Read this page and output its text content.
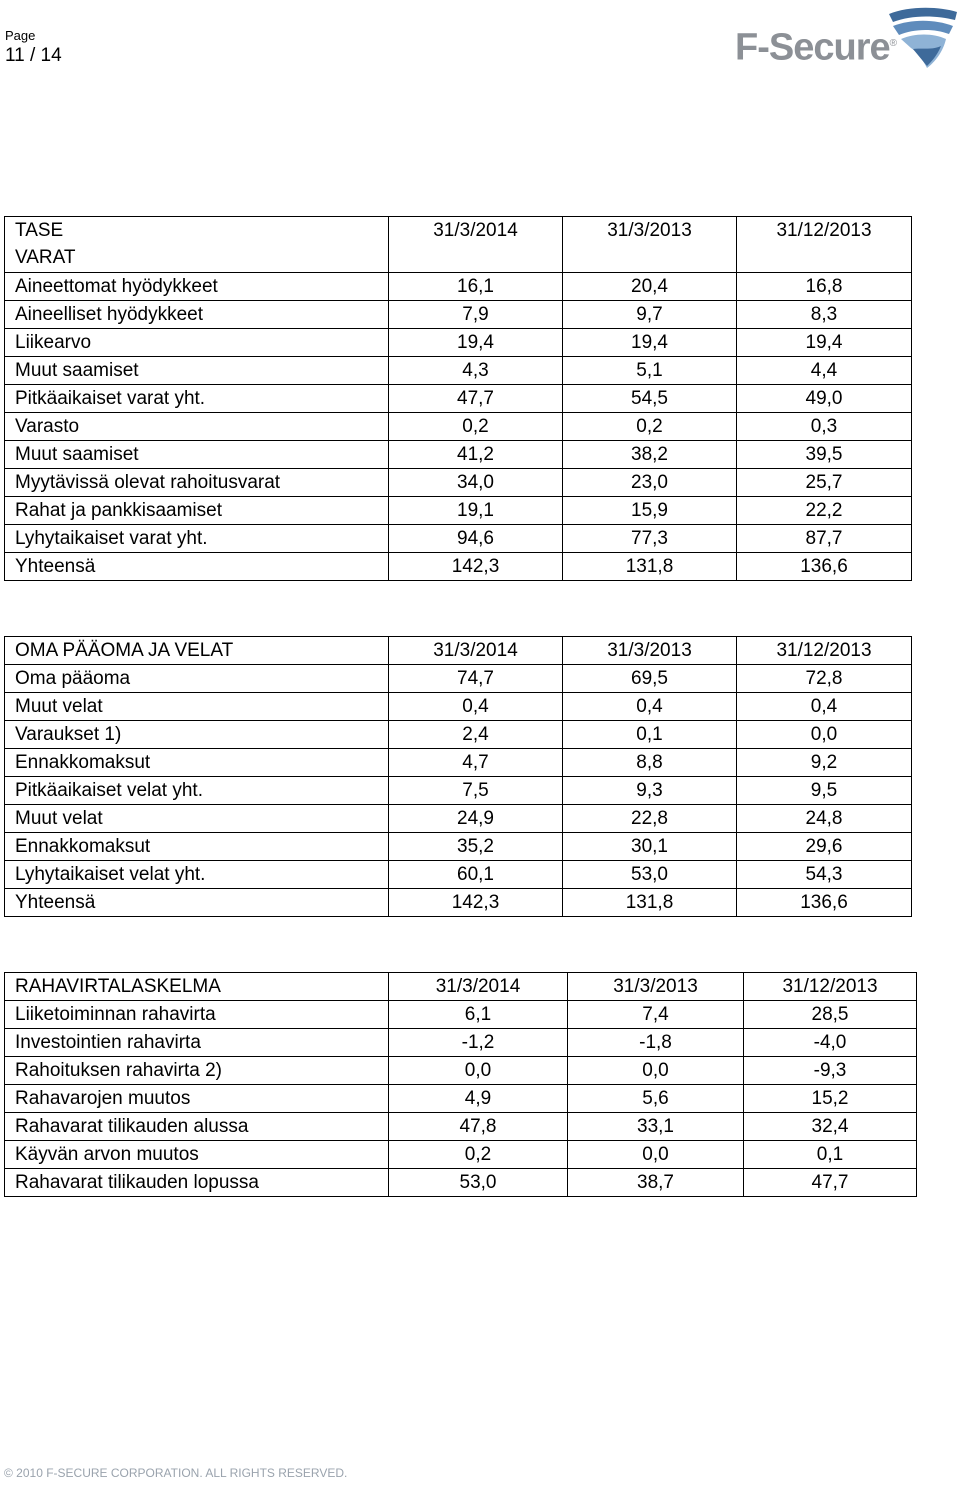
Page
11 / 14	F-Secure®
TASE
VARAT	31/3/2014	31/3/2013	31/12/2013
Aineettomat hyödykkeet	16,1	20,4	16,8
Aineelliset hyödykkeet	7,9	9,7	8,3
Liikearvo	19,4	19,4	19,4
Muut saamiset	4,3	5,1	4,4
Pitkäaikaiset varat yht.	47,7	54,5	49,0
Varasto	0,2	0,2	0,3
Muut saamiset	41,2	38,2	39,5
Myytävissä olevat rahoitusvarat	34,0	23,0	25,7
Rahat ja pankkisaamiset	19,1	15,9	22,2
Lyhytaikaiset varat yht.	94,6	77,3	87,7
Yhteensä	142,3	131,8	136,6
OMA PÄÄOMA JA VELAT	31/3/2014	31/3/2013	31/12/2013
Oma pääoma	74,7	69,5	72,8
Muut velat	0,4	0,4	0,4
Varaukset 1)	2,4	0,1	0,0
Ennakkomaksut	4,7	8,8	9,2
Pitkäaikaiset velat yht.	7,5	9,3	9,5
Muut velat	24,9	22,8	24,8
Ennakkomaksut	35,2	30,1	29,6
Lyhytaikaiset velat yht.	60,1	53,0	54,3
Yhteensä	142,3	131,8	136,6
RAHAVIRTALASKELMA	31/3/2014	31/3/2013	31/12/2013
Liiketoiminnan rahavirta	6,1	7,4	28,5
Investointien rahavirta	-1,2	-1,8	-4,0
Rahoituksen rahavirta 2)	0,0	0,0	-9,3
Rahavarojen muutos	4,9	5,6	15,2
Rahavarat tilikauden alussa	47,8	33,1	32,4
Käyvän arvon muutos	0,2	0,0	0,1
Rahavarat tilikauden lopussa	53,0	38,7	47,7
© 2010 F-SECURE CORPORATION. ALL RIGHTS RESERVED.
